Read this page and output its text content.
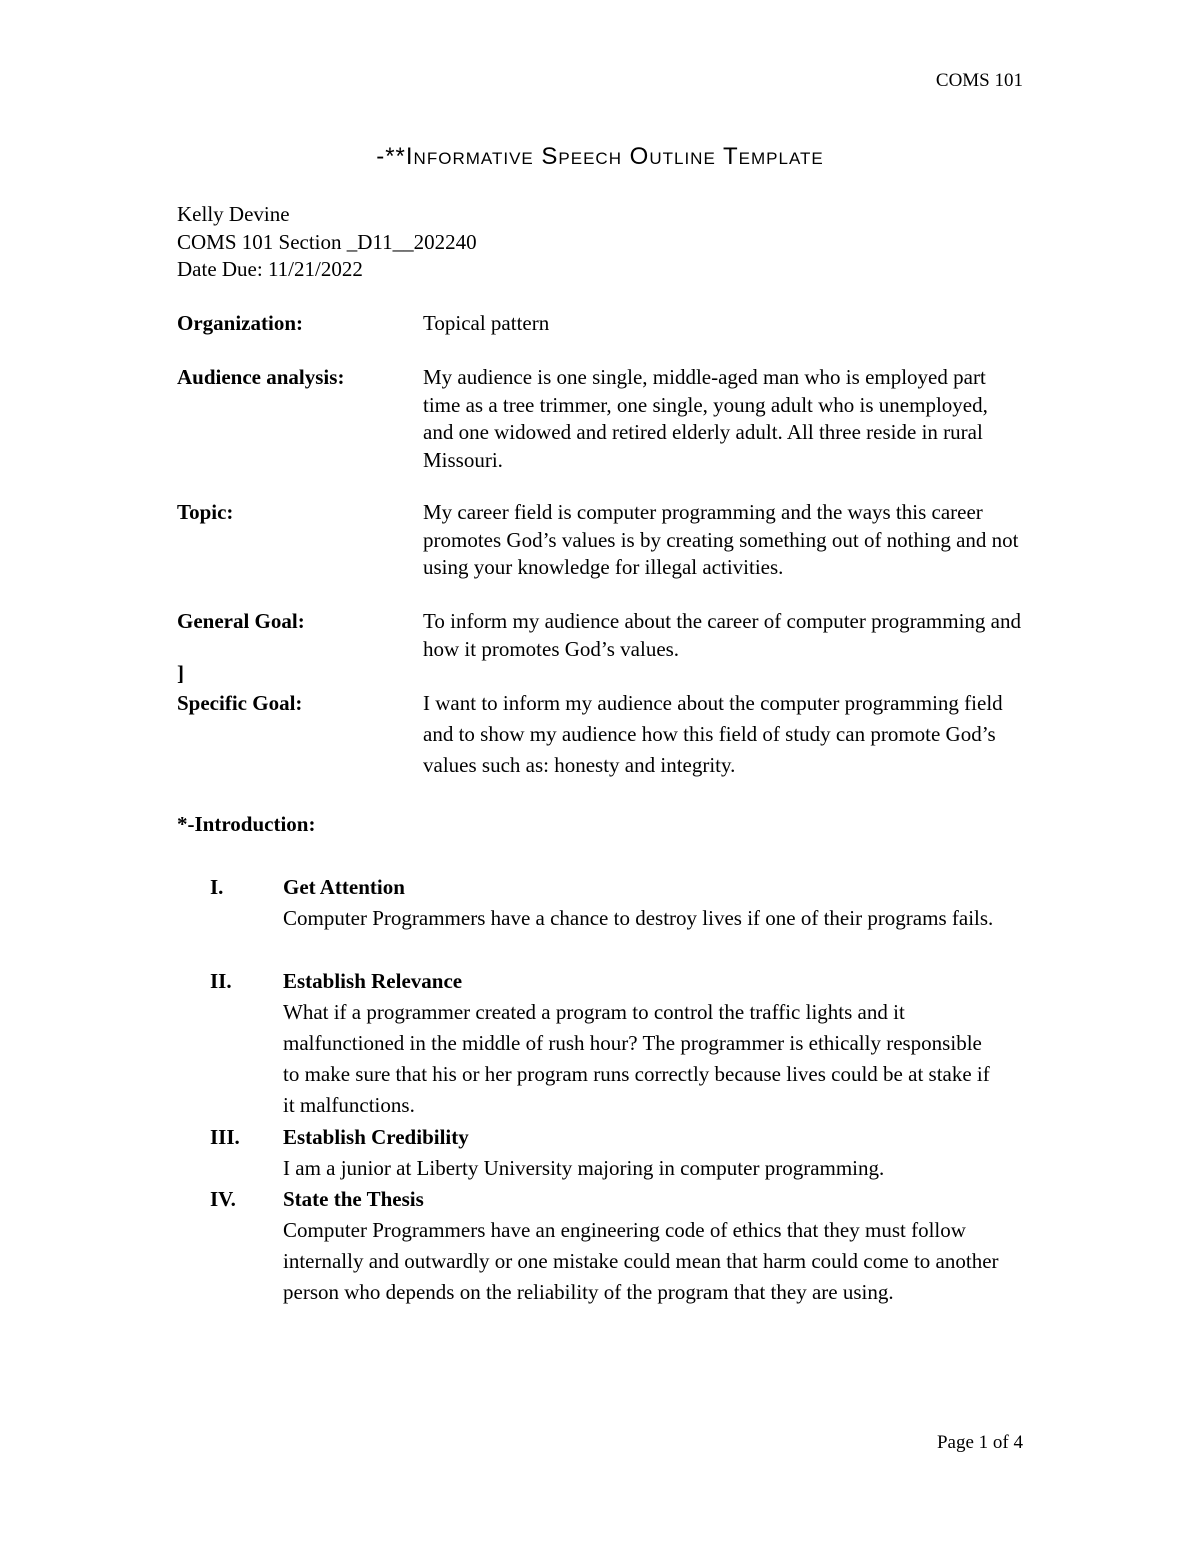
COMS 101
-**Informative Speech Outline Template
Kelly Devine
COMS 101 Section _D11__202240
Date Due: 11/21/2022
Organization:	Topical pattern
Audience analysis:	My audience is one single, middle-aged man who is employed part time as a tree trimmer, one single, young adult who is unemployed, and one widowed and retired elderly adult. All three reside in rural Missouri.
Topic:	My career field is computer programming and the ways this career promotes God’s values is by creating something out of nothing and not using your knowledge for illegal activities.
General Goal:	To inform my audience about the career of computer programming and how it promotes God’s values.
]
Specific Goal:	I want to inform my audience about the computer programming field and to show my audience how this field of study can promote God’s values such as: honesty and integrity.
*-Introduction:
I.	Get Attention
Computer Programmers have a chance to destroy lives if one of their programs fails.
II. Establish Relevance
What if a programmer created a program to control the traffic lights and it malfunctioned in the middle of rush hour? The programmer is ethically responsible to make sure that his or her program runs correctly because lives could be at stake if it malfunctions.
III. Establish Credibility
I am a junior at Liberty University majoring in computer programming.
IV. State the Thesis
Computer Programmers have an engineering code of ethics that they must follow internally and outwardly or one mistake could mean that harm could come to another person who depends on the reliability of the program that they are using.
Page 1 of 4
